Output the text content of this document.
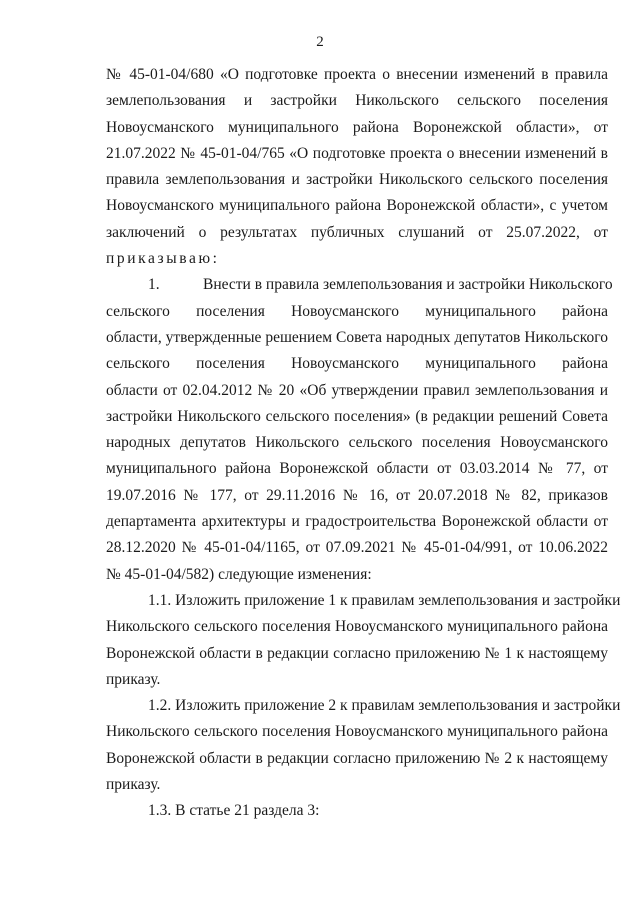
2
№ 45-01-04/680 «О подготовке проекта о внесении изменений в правила
землепользования и застройки Никольского сельского поселения
Новоусманского муниципального района Воронежской области», от
21.07.2022 № 45-01-04/765 «О подготовке проекта о внесении изменений в
правила землепользования и застройки Никольского сельского поселения
Новоусманского муниципального района Воронежской области», с учетом
заключений о результатах публичных слушаний от 25.07.2022, от
приказываю:
1.	Внести в правила землепользования и застройки Никольского
сельского поселения Новоусманского муниципального района
области, утвержденные решением Совета народных депутатов Никольского
сельского поселения Новоусманского муниципального района
области от 02.04.2012 № 20 «Об утверждении правил землепользования и
застройки Никольского сельского поселения» (в редакции решений Совета
народных депутатов Никольского сельского поселения Новоусманского
муниципального района Воронежской области от 03.03.2014 № 77, от
19.07.2016 № 177, от 29.11.2016 № 16, от 20.07.2018 № 82, приказов
департамента архитектуры и градостроительства Воронежской области от
28.12.2020 № 45-01-04/1165, от 07.09.2021 № 45-01-04/991, от 10.06.2022
№ 45-01-04/582) следующие изменения:
1.1. Изложить приложение 1 к правилам землепользования и застройки
Никольского сельского поселения Новоусманского муниципального района
Воронежской области в редакции согласно приложению № 1 к настоящему
приказу.
1.2. Изложить приложение 2 к правилам землепользования и застройки
Никольского сельского поселения Новоусманского муниципального района
Воронежской области в редакции согласно приложению № 2 к настоящему
приказу.
1.3. В статье 21 раздела 3:
